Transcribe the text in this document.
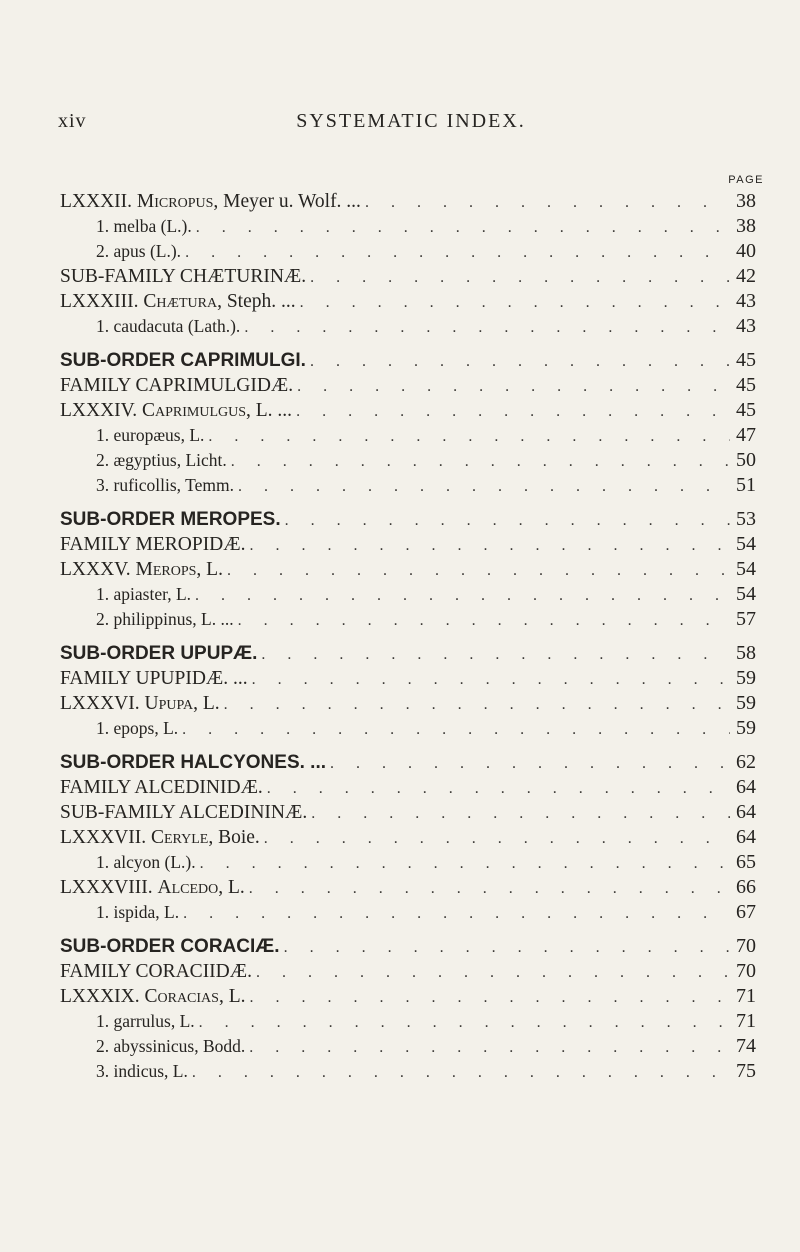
xiv	SYSTEMATIC INDEX.
PAGE
LXXXII. Micropus, Meyer u. Wolf. ... . . .	38
1. melba (L.). . . .	38
2. apus (L.). . . .	40
SUB-FAMILY CHÆTURINÆ. . . .	42
LXXXIII. Chætura, Steph. ... . . .	43
1. caudacuta (Lath.). . . .	43
SUB-ORDER CAPRIMULGI. . . .	45
FAMILY CAPRIMULGIDÆ. . . .	45
LXXXIV. Caprimulgus, L. ... . . .	45
1. europæus, L. . . .	47
2. ægyptius, Licht. . . .	50
3. ruficollis, Temm. . . .	51
SUB-ORDER MEROPES. . . .	53
FAMILY MEROPIDÆ. . . .	54
LXXXV. Merops, L. . . .	54
1. apiaster, L. . . .	54
2. philippinus, L. ... . . .	57
SUB-ORDER UPUPÆ. . . .	58
FAMILY UPUPIDÆ. ... . . .	59
LXXXVI. Upupa, L. . . .	59
1. epops, L. . . .	59
SUB-ORDER HALCYONES. ... . . .	62
FAMILY ALCEDINIDÆ. . . .	64
SUB-FAMILY ALCEDININÆ. . . .	64
LXXXVII. Ceryle, Boie. . . .	64
1. alcyon (L.). . . .	65
LXXXVIII. Alcedo, L. . . .	66
1. ispida, L. . . .	67
SUB-ORDER CORACIÆ. . . .	70
FAMILY CORACIIDÆ. . . .	70
LXXXIX. Coracias, L. . . .	71
1. garrulus, L. . . .	71
2. abyssinicus, Bodd. . . .	74
3. indicus, L. . . .	75
